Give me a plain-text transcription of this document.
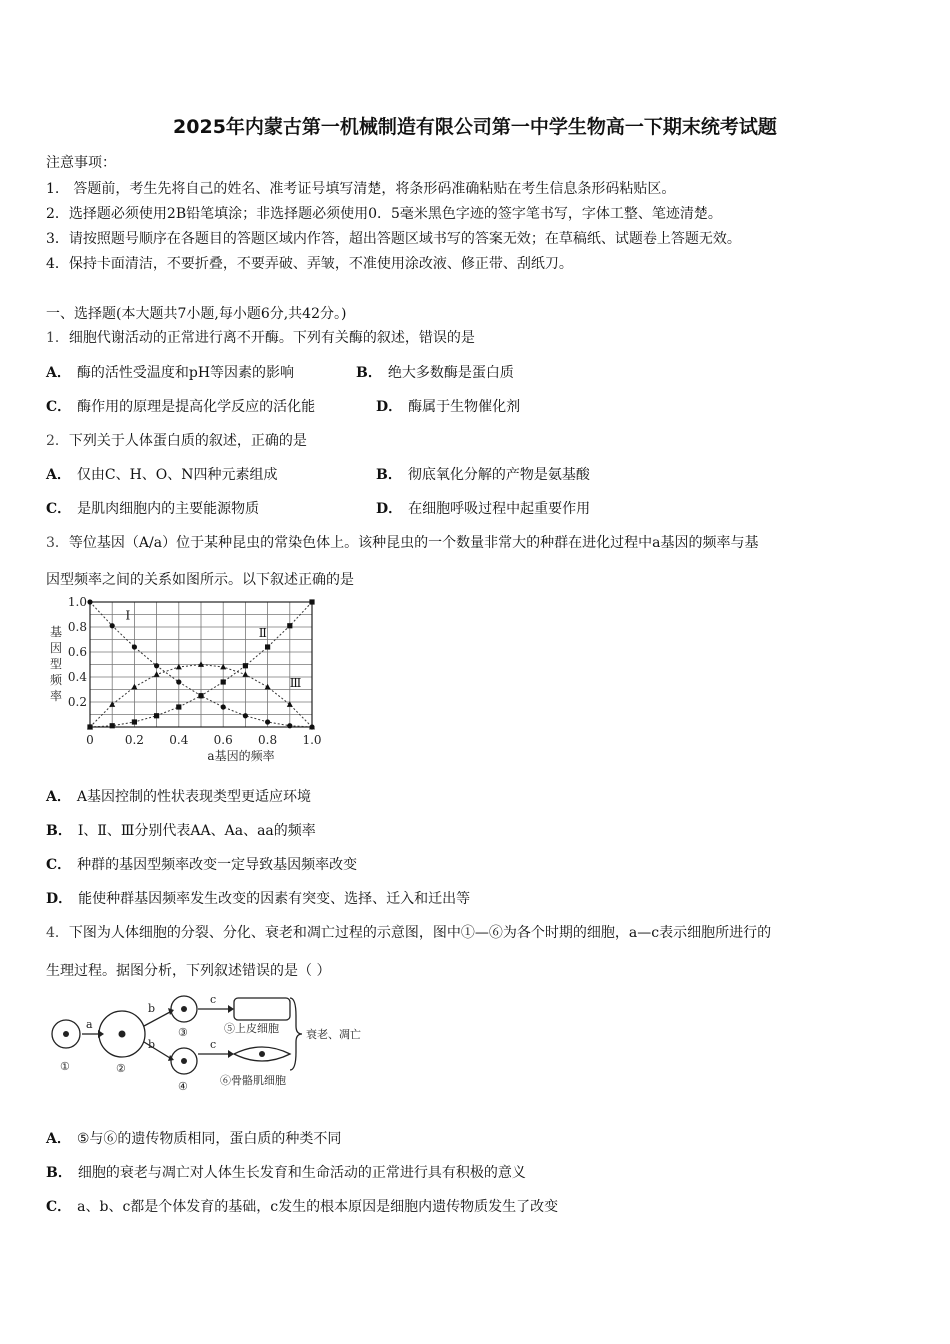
2025年内蒙古第一机械制造有限公司第一中学生物高一下期末统考试题
注意事项：
1.　答题前，考生先将自己的姓名、准考证号填写清楚，将条形码准确粘贴在考生信息条形码粘贴区。
2．选择题必须使用2B铅笔填涂；非选择题必须使用0．5毫米黑色字迹的签字笔书写，字体工整、笔迹清楚。
3．请按照题号顺序在各题目的答题区域内作答，超出答题区域书写的答案无效；在草稿纸、试题卷上答题无效。
4．保持卡面清洁，不要折叠，不要弄破、弄皱，不准使用涂改液、修正带、刮纸刀。
一、选择题(本大题共7小题,每小题6分,共42分。)
1．细胞代谢活动的正常进行离不开酶。下列有关酶的叙述，错误的是
A． 酶的活性受温度和pH等因素的影响	B． 绝大多数酶是蛋白质
C． 酶作用的原理是提高化学反应的活化能	D． 酶属于生物催化剂
2．下列关于人体蛋白质的叙述，正确的是
A． 仅由C、H、O、N四种元素组成	B． 彻底氧化分解的产物是氨基酸
C． 是肌肉细胞内的主要能源物质	D． 在细胞呼吸过程中起重要作用
3．等位基因（A/a）位于某种昆虫的常染色体上。该种昆虫的一个数量非常大的种群在进化过程中a基因的频率与基
因型频率之间的关系如图所示。以下叙述正确的是
0	0.2 0.4 0.6 0.8 1.0
0.2
0.4
0.6
0.8
1.0
a基因的频率
基
因
型
频
率
Ⅰ
Ⅱ
Ⅲ
A． A基因控制的性状表现类型更适应环境
B． Ⅰ、Ⅱ、Ⅲ分别代表AA、Aa、aa的频率
C． 种群的基因型频率改变一定导致基因频率改变
D． 能使种群基因频率发生改变的因素有突变、选择、迁入和迁出等
4．下图为人体细胞的分裂、分化、衰老和凋亡过程的示意图，图中①—⑥为各个时期的细胞，a—c表示细胞所进行的
生理过程。据图分析，下列叙述错误的是（ ）
①	②
③
④
a
b
b
c
c
⑤上皮细胞
⑥骨骼肌细胞
衰老、凋亡
A． ⑤与⑥的遗传物质相同，蛋白质的种类不同
B． 细胞的衰老与凋亡对人体生长发育和生命活动的正常进行具有积极的意义
C． a、b、c都是个体发育的基础，c发生的根本原因是细胞内遗传物质发生了改变
